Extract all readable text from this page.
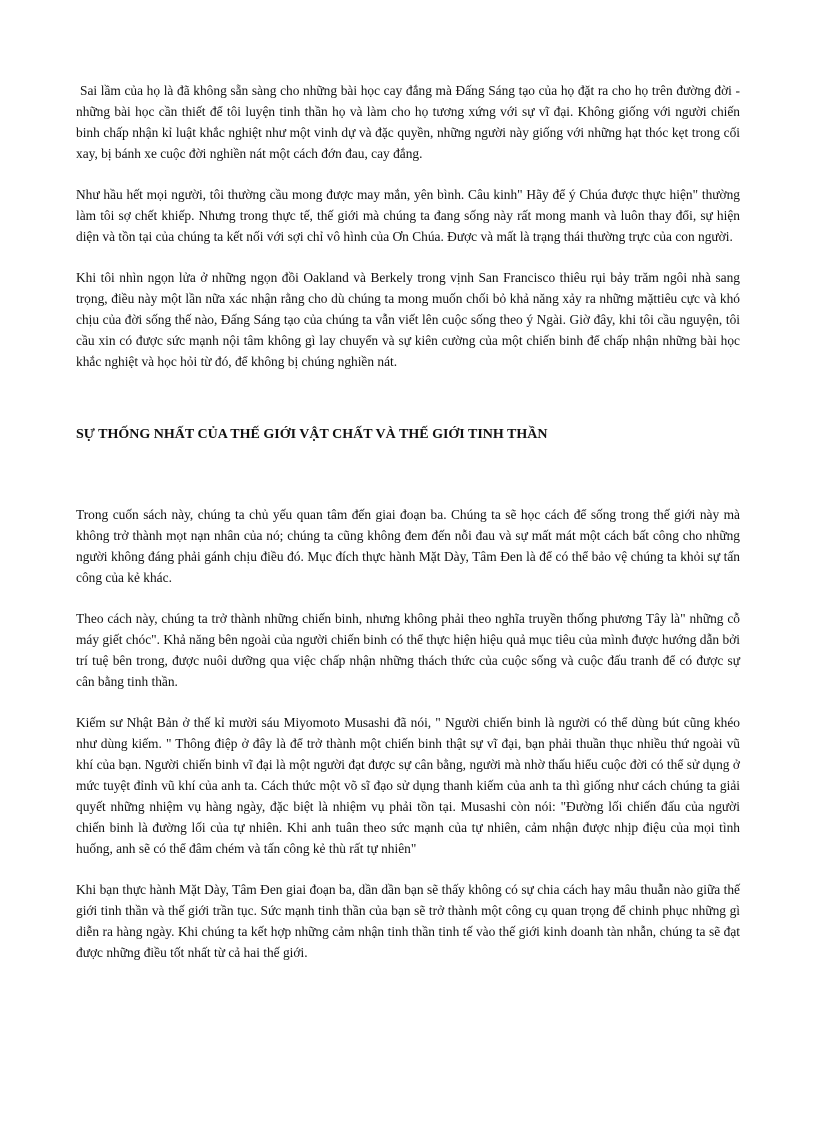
Sai lầm của họ là đã không sẵn sàng cho những bài học cay đắng mà Đấng Sáng tạo của họ đặt ra cho họ trên đường đời -những bài học cần thiết để tôi luyện tinh thần họ và làm cho họ tương xứng với sự vĩ đại. Không giống với người chiến binh chấp nhận kỉ luật khắc nghiệt như một vinh dự và đặc quyền, những người này giống với những hạt thóc kẹt trong cối xay, bị bánh xe cuộc đời nghiền nát một cách đớn đau, cay đắng.

Như hầu hết mọi người, tôi thường cầu mong được may mắn, yên bình. Câu kinh" Hãy để ý Chúa được thực hiện" thường làm tôi sợ chết khiếp. Nhưng trong thực tế, thế giới mà chúng ta đang sống này rất mong manh và luôn thay đổi, sự hiện diện và tồn tại của chúng ta kết nối với sợi chỉ vô hình của Ơn Chúa. Được và mất là trạng thái thường trực của con người.

Khi tôi nhìn ngọn lửa ở những ngọn đồi Oakland và Berkely trong vịnh San Francisco thiêu rụi bảy trăm ngôi nhà sang trọng, điều này một lần nữa xác nhận rằng cho dù chúng ta mong muốn chối bỏ khả năng xảy ra những mặttiêu cực và khó chịu của đời sống thế nào, Đấng Sáng tạo của chúng ta vẫn viết lên cuộc sống theo ý Ngài. Giờ đây, khi tôi cầu nguyện, tôi cầu xin có được sức mạnh nội tâm không gì lay chuyển và sự kiên cường của một chiến binh để chấp nhận những bài học khắc nghiệt và học hỏi từ đó, để không bị chúng nghiền nát.

SỰ THỐNG NHẤT CỦA THẾ GIỚI VẬT CHẤT VÀ THẾ GIỚI TINH THẦN

Trong cuốn sách này, chúng ta chủ yếu quan tâm đến giai đoạn ba. Chúng ta sẽ học cách để sống trong thế giới này mà không trở thành mọt nạn nhân của nó; chúng ta cũng không đem đến nỗi đau và sự mất mát một cách bất công cho những người không đáng phải gánh chịu điều đó. Mục đích thực hành Mặt Dày, Tâm Đen là để có thể bảo vệ chúng ta khỏi sự tấn công của kẻ khác.

Theo cách này, chúng ta trở thành những chiến binh, nhưng không phải theo nghĩa truyền thống phương Tây là" những cỗ máy giết chóc". Khả năng bên ngoài của người chiến binh có thể thực hiện hiệu quả mục tiêu của mình được hướng dẫn bởi trí tuệ bên trong, được nuôi dưỡng qua việc chấp nhận những thách thức của cuộc sống và cuộc đấu tranh để có được sự cân bằng tinh thần.

Kiếm sư Nhật Bản ở thế kỉ mười sáu Miyomoto Musashi đã nói, " Người chiến binh là người có thể dùng bút cũng khéo như dùng kiếm. " Thông điệp ở đây là để trở thành một chiến binh thật sự vĩ đại, bạn phải thuần thục nhiều thứ ngoài vũ khí của bạn. Người chiến binh vĩ đại là một người đạt được sự cân bằng, người mà nhờ thấu hiểu cuộc đời có thể sử dụng ở mức tuyệt đỉnh vũ khí của anh ta. Cách thức một võ sĩ đạo sử dụng thanh kiếm của anh ta thì giống như cách chúng ta giải quyết những nhiệm vụ hàng ngày, đặc biệt là nhiệm vụ phải tồn tại. Musashi còn nói: "Đường lối chiến đấu của người chiến binh là đường lối của tự nhiên. Khi anh tuân theo sức mạnh của tự nhiên, cảm nhận được nhịp điệu của mọi tình huống, anh sẽ có thể đâm chém và tấn công kẻ thù rất tự nhiên"

Khi bạn thực hành Mặt Dày, Tâm Đen giai đoạn ba, dần dần bạn sẽ thấy không có sự chia cách hay mâu thuẫn nào giữa thế giới tinh thần và thế giới trần tục. Sức mạnh tinh thần của bạn sẽ trở thành một công cụ quan trọng để chinh phục những gì diễn ra hàng ngày. Khi chúng ta kết hợp những cảm nhận tinh thần tinh tế vào thế giới kinh doanh tàn nhẫn, chúng ta sẽ đạt được những điều tốt nhất từ cả hai thế giới.
